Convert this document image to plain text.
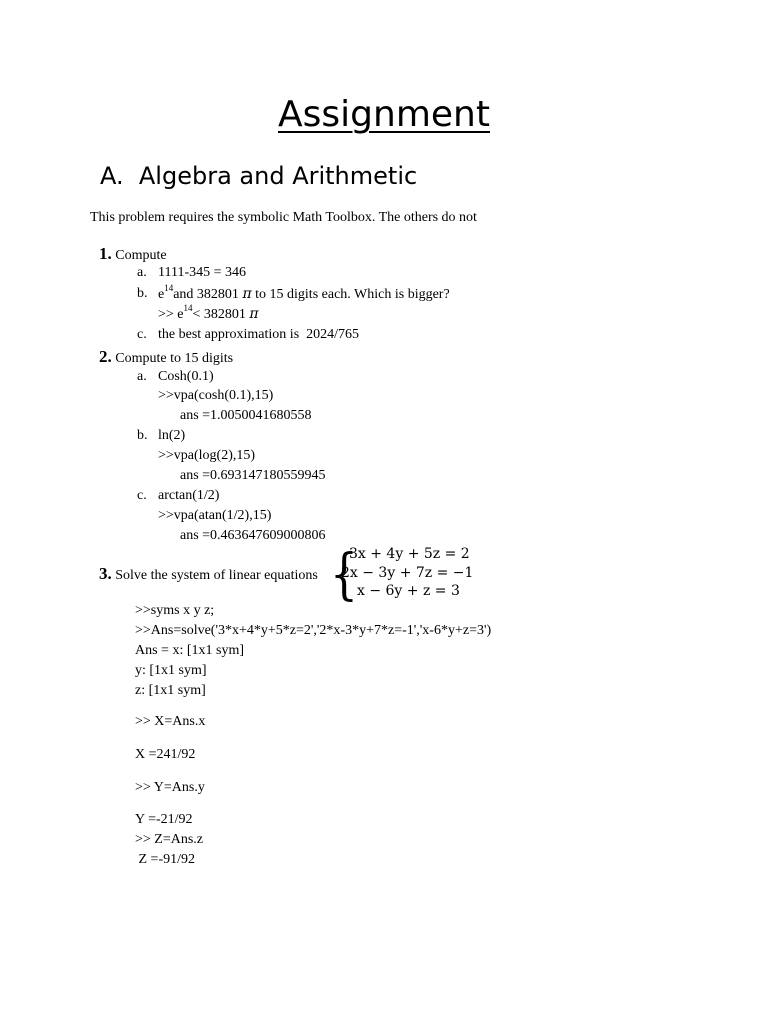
Assignment
A. Algebra and Arithmetic
This problem requires the symbolic Math Toolbox. The others do not
1. Compute
a. 1111-345 = 346
b. $e^{14}and$ 382801 π to 15 digits each. Which is bigger?
>> $e^{14}< 382801$ π
c. the best approximation is  2024/765
2. Compute to 15 digits
a. Cosh(0.1)
>>vpa(cosh(0.1),15)
ans =1.0050041680558
b. ln(2)
>>vpa(log(2),15)
ans =0.693147180559945
c. arctan(1/2)
>>vpa(atan(1/2),15)
ans =0.463647609000806
3. Solve the system of linear equations {
3x + 4y + 5z = 2
2x − 3y + 7z = −1
x − 6y + z = 3
>>syms x y z;
>>Ans=solve('3*x+4*y+5*z=2','2*x-3*y+7*z=-1','x-6*y+z=3')
Ans = x: [1x1 sym]
y: [1x1 sym]
z: [1x1 sym]
>> X=Ans.x
X =241/92
>> Y=Ans.y
Y =-21/92
>> Z=Ans.z
Z =-91/92
